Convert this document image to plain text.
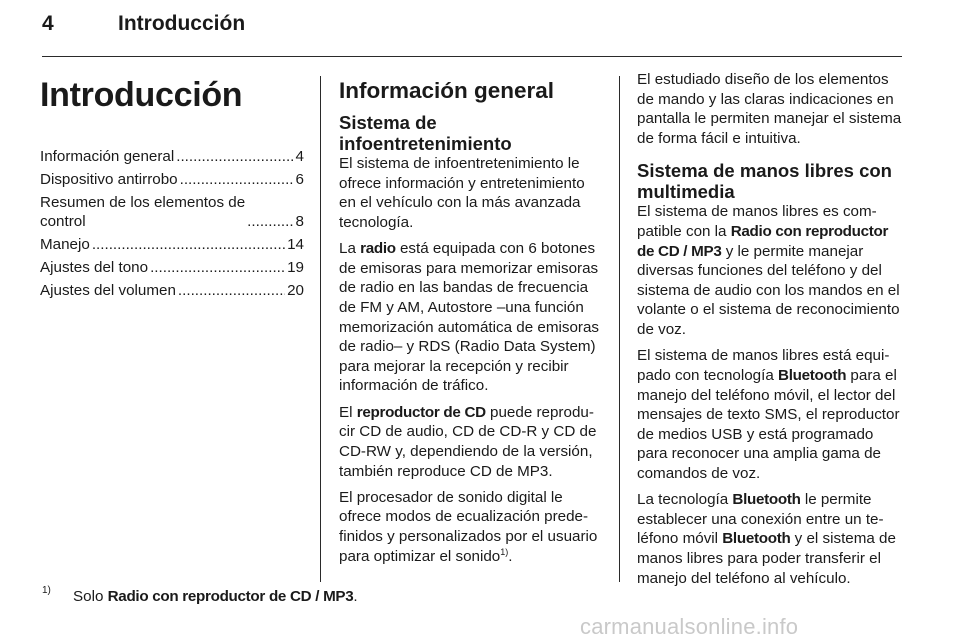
4	Introducción
Introducción
Información general .....	4
Dispositivo antirrobo .....	6
Resumen de los elementos de
control .....	8
Manejo .....	14
Ajustes del tono .....	19
Ajustes del volumen .....	20
Información general
Sistema de infoentretenimiento

El sistema de infoentretenimiento le ofrece información y entretenimiento en el vehículo con la más avanzada tecnología.

La radio está equipada con 6 botones de emisoras para memorizar emisoras de radio en las bandas de frecuencia de FM y AM, Autostore –una función memorización automática de emisoras de radio– y RDS (Radio Data System) para mejorar la recepción y recibir información de tráfico.

El reproductor de CD puede reproducir CD de audio, CD de CD-R y CD de CD-RW y, dependiendo de la versión, también reproduce CD de MP3.

El procesador de sonido digital le ofrece modos de ecualización predefinidos y personalizados por el usuario para optimizar el sonido$^{1)}$.

El estudiado diseño de los elementos de mando y las claras indicaciones en pantalla le permiten manejar el sistema de forma fácil e intuitiva.

Sistema de manos libres con multimedia

El sistema de manos libres es compatible con la Radio con reproductor de CD / MP3 y le permite manejar diversas funciones del teléfono y del sistema de audio con los mandos en el volante o el sistema de reconocimiento de voz.

El sistema de manos libres está equipado con tecnología Bluetooth para el manejo del teléfono móvil, el lector del mensajes de texto SMS, el reproductor de medios USB y está programado para reconocer una amplia gama de comandos de voz.

La tecnología Bluetooth le permite establecer una conexión entre un teléfono móvil Bluetooth y el sistema de manos libres para poder transferir el manejo del teléfono al vehículo.

1) Solo Radio con reproductor de CD / MP3.
carmanualsonline.info
